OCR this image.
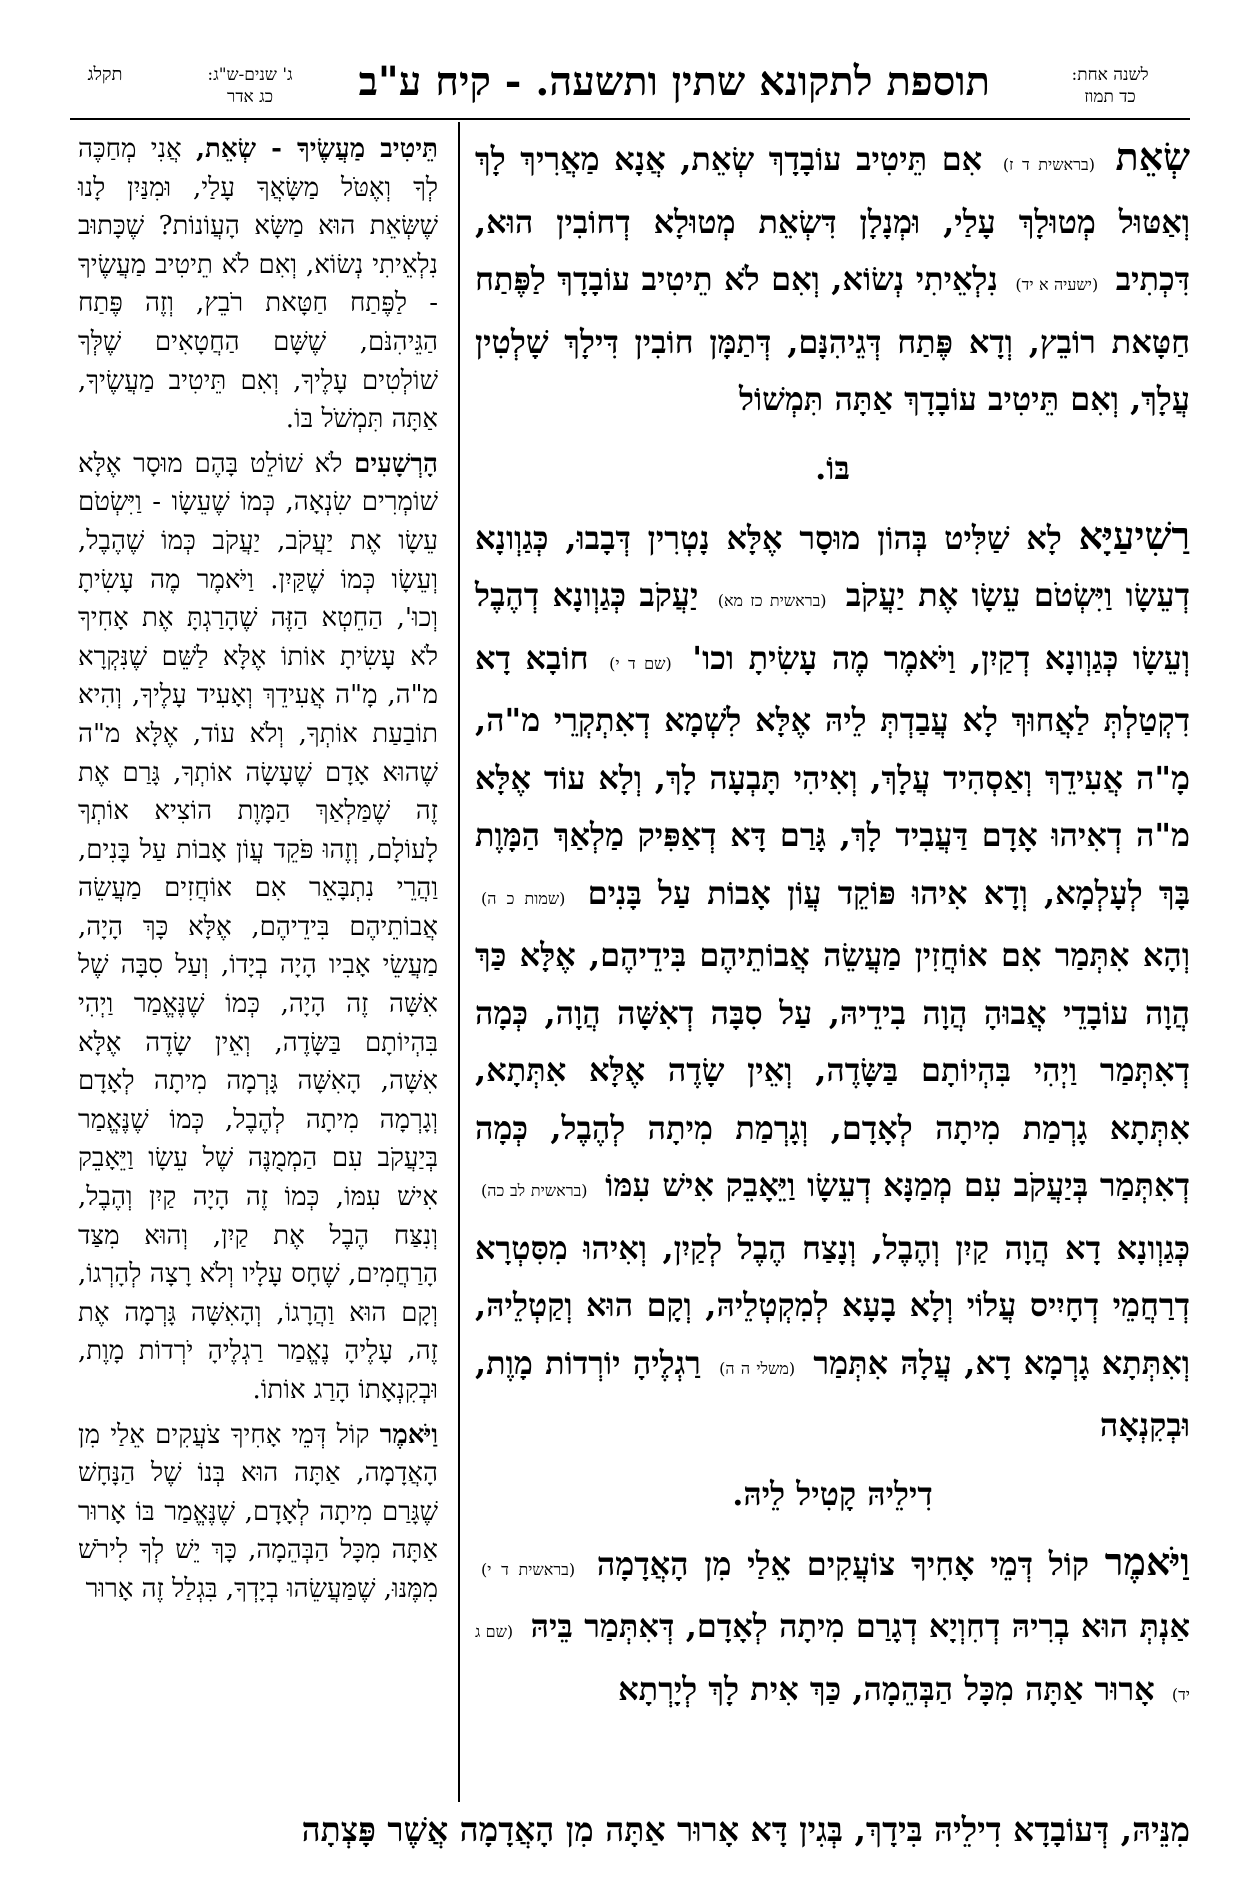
לשנה אחת:
כד תמוז
תוספת לתקונא שתין ותשעה. - קיח ע"ב
ג' שנים-ש"ג:
כג אדר
תקלג

שְׂאֵת (בראשית ד ז) אִם תֵּיטִיב עוֹבָדָךְ שְׂאֵת, אֲנָא מַאֲרִיךְ לָךְ וְאַטּוּל מְטוּלָךְ עָלַי, וּמְנָלָן דִּשְׂאֵת מְטוּלָא דְחוֹבִין הוּא, דִּכְתִיב (ישעיה א יד) נִלְאֵיתִי נְשׂוֹא, וְאִם לֹא תֵיטִיב עוֹבָדָךְ לַפֶּתַח חַטָּאת רוֹבֵץ, וְדָא פֶּתַח דְּגֵיהִנָּם, דְּתַמָּן חוֹבִין דִּילָךְ שָׁלְטִין עֲלָךְ, וְאִם תֵּיטִיב עוֹבָדָךְ אַתָּה תִּמְשׁוֹל

בּוֹ.

רַשִׁיעַיָּא לָא שַׁלִּיט בְּהוֹן מוּסָר אֶלָּא נָטְרִין דְּבָבוּ, כְּגַוְונָא דְעֵשָׂו וַיִּשְׂטֹם עֵשָׂו אֶת יַעֲקֹב (בראשית כז מא) יַעֲקֹב כְּגַוְונָא דְהֶבֶל וְעֵשָׂו כְּגַוְונָא דְקַיִן, וַיֹּאמֶר מֶה עָשִׂיתָ וכו' (שם ד י) חוֹבָא דָא דִקְטַלְתְּ לַאֲחוּךְ לָא עֲבַדְתְּ לֵיהּ אֶלָּא לִשְׁמָא דְאִתְקְרֵי מ"ה, מָ"ה אֲעִידֵךְ וְאַסְהִיד עֲלָךְ, וְאִיהִי תָּבְעָה לָךְ, וְלָא עוֹד אֶלָּא מ"ה דְאִיהוּ אָדָם דַּעֲבִיד לָךְ, גָּרַם דָּא דְאַפִּיק מַלְאַךְ הַמָּוֶת בָּךְ לְעָלְמָא, וְדָא אִיהוּ פּוֹקֵד עֲוֹן אָבוֹת עַל בָּנִים (שמות כ ה) וְהָא אִתְּמַר אִם אוֹחֲזִין מַעֲשֵׂה אֲבוֹתֵיהֶם בִּידֵיהֶם, אֶלָּא כַּךְ הֲוָה עוֹבָדֵי אֲבוּהָ הֲוָה בִידֵיהּ, עַל סִבָּה דְאִשָּׁה הֲוָה, כְּמָה דְאִתְּמַר וַיְהִי בִּהְיוֹתָם בַּשָּׂדֶה, וְאֵין שָׂדֶה אֶלָּא אִתְּתָא, אִתְּתָא גָרְמַת מִיתָה לְאָדָם, וְגָרְמַת מִיתָה לְהֶבֶל, כְּמָה דְאִתְּמַר בְּיַעֲקֹב עִם מְמַנָּא דְעֵשָׂו וַיֵּאָבֵק אִישׁ עִמּוֹ (בראשית לב כה) כְּגַוְונָא דָא הֲוָה קַיִן וְהֶבֶל, וְנָצַח הֶבֶל לְקַיִן, וְאִיהוּ מִסִּטְרָא דְרַחֲמֵי דְחָיִיס עֲלוֹי וְלָא בָעָא לְמִקְטְלֵיהּ, וְקָם הוּא וְקַטְלֵיהּ, וְאִתְּתָא גָרְמָא דָא, עֲלָהּ אִתְּמַר (משלי ה ה) רַגְלֶיהָ יוֹרְדוֹת מָוֶת, וּבְקִנְאָה

דִילֵיהּ קָטִיל לֵיהּ.

וַיֹּאמֶר קוֹל דְּמֵי אָחִיךָ צוֹעֲקִים אֵלַי מִן הָאֲדָמָה (בראשית ד י) אַנְתְּ הוּא בְרִיהּ דְחִוְיָא דְגָרַם מִיתָה לְאָדָם, דְּאִתְּמַר בֵּיהּ (שם ג יד) אָרוּר אַתָּה מִכָּל הַבְּהֵמָה, כַּךְ אִית לָךְ לְיָרְתָא

תֵּיטִיב מַעֲשֶׂיךָ - שְׂאֵת, אֲנִי מְחַכֶּה לְךָ וְאֶטֹּל מַשָּׂאֲךָ עָלַי, וּמִנַּיִן לָנוּ שֶׁשְּׂאֵת הוּא מַשָּׂא הָעֲוֹנוֹת? שֶׁכָּתוּב נִלְאֵיתִי נְשׂוֹא, וְאִם לֹא תֵיטִיב מַעֲשֶׂיךָ - לַפֶּתַח חַטָּאת רֹבֵץ, וְזֶה פֶּתַח הַגֵּיהִנֹּם, שֶׁשָּׁם הַחֲטָאִים שֶׁלְּךָ שׁוֹלְטִים עָלֶיךָ, וְאִם תֵּיטִיב מַעֲשֶׂיךָ, אַתָּה תִּמְשֹׁל בּוֹ.

הָרְשָׁעִים לֹא שׁוֹלֵט בָּהֶם מוּסָר אֶלָּא שׁוֹמְרִים שִׂנְאָה, כְּמוֹ שֶׁעֵשָׂו - וַיִּשְׂטֹם עֵשָׂו אֶת יַעֲקֹב, יַעֲקֹב כְּמוֹ שֶׁהֶבֶל, וְעֵשָׂו כְּמוֹ שֶׁקַּיִן. וַיֹּאמֶר מֶה עָשִׂיתָ וְכוּ', הַחֵטְא הַזֶּה שֶׁהָרַגְתָּ אֶת אָחִיךָ לֹא עָשִׂיתָ אוֹתוֹ אֶלָּא לַשֵּׁם שֶׁנִּקְרָא מ"ה, מָ"ה אֲעִידֵךְ וְאָעִיד עָלֶיךָ, וְהִיא תוֹבַעַת אוֹתְךָ, וְלֹא עוֹד, אֶלָּא מ"ה שֶׁהוּא אָדָם שֶׁעָשָׂה אוֹתְךָ, גָּרַם אֶת זֶה שֶׁמַּלְאַךְ הַמָּוֶת הוֹצִיא אוֹתְךָ לָעוֹלָם, וְזֶהוּ פֹּקֵד עֲוֹן אָבוֹת עַל בָּנִים, וַהֲרֵי נִתְבָּאֵר אִם אוֹחֲזִים מַעֲשֵׂה אֲבוֹתֵיהֶם בִּידֵיהֶם, אֶלָּא כָּךְ הָיָה, מַעֲשֵׂי אָבִיו הָיָה בְיָדוֹ, וְעַל סִבָּה שֶׁל אִשָּׁה זֶה הָיָה, כְּמוֹ שֶׁנֶּאֱמַר וַיְהִי בִּהְיוֹתָם בַּשָּׂדֶה, וְאֵין שָׂדֶה אֶלָּא אִשָּׁה, הָאִשָּׁה גָּרְמָה מִיתָה לְאָדָם וְגָרְמָה מִיתָה לְהֶבֶל, כְּמוֹ שֶׁנֶּאֱמַר בְּיַעֲקֹב עִם הַמְמֻנֶּה שֶׁל עֵשָׂו וַיֵּאָבֵק אִישׁ עִמּוֹ, כְּמוֹ זֶה הָיָה קַיִן וְהֶבֶל, וְנִצַּח הֶבֶל אֶת קַיִן, וְהוּא מִצַּד הָרַחֲמִים, שֶׁחָס עָלָיו וְלֹא רָצָה לְהָרְגוֹ, וְקָם הוּא וַהֲרָגוֹ, וְהָאִשָּׁה גָּרְמָה אֶת זֶה, עָלֶיהָ נֶאֱמַר רַגְלֶיהָ יֹרְדוֹת מָוֶת, וּבְקִנְאָתוֹ הָרַג אוֹתוֹ.

וַיֹּאמֶר קוֹל דְּמֵי אָחִיךָ צֹעֲקִים אֵלַי מִן הָאֲדָמָה, אַתָּה הוּא בְּנוֹ שֶׁל הַנָּחָשׁ שֶׁגָּרַם מִיתָה לְאָדָם, שֶׁנֶּאֱמַר בּוֹ אָרוּר אַתָּה מִכָּל הַבְּהֵמָה, כָּךְ יֵשׁ לְךָ לִירֹשׁ מִמֶּנּוּ, שֶׁמַּעֲשֵׂהוּ בְיָדְךָ, בִּגְלַל זֶה אָרוּר

מִנֵּיהּ, דְּעוֹבָדָא דִילֵיהּ בִּידָךְ, בְּגִין דָּא אָרוּר אַתָּה מִן הָאֲדָמָה אֲשֶׁר פָּצְתָה
